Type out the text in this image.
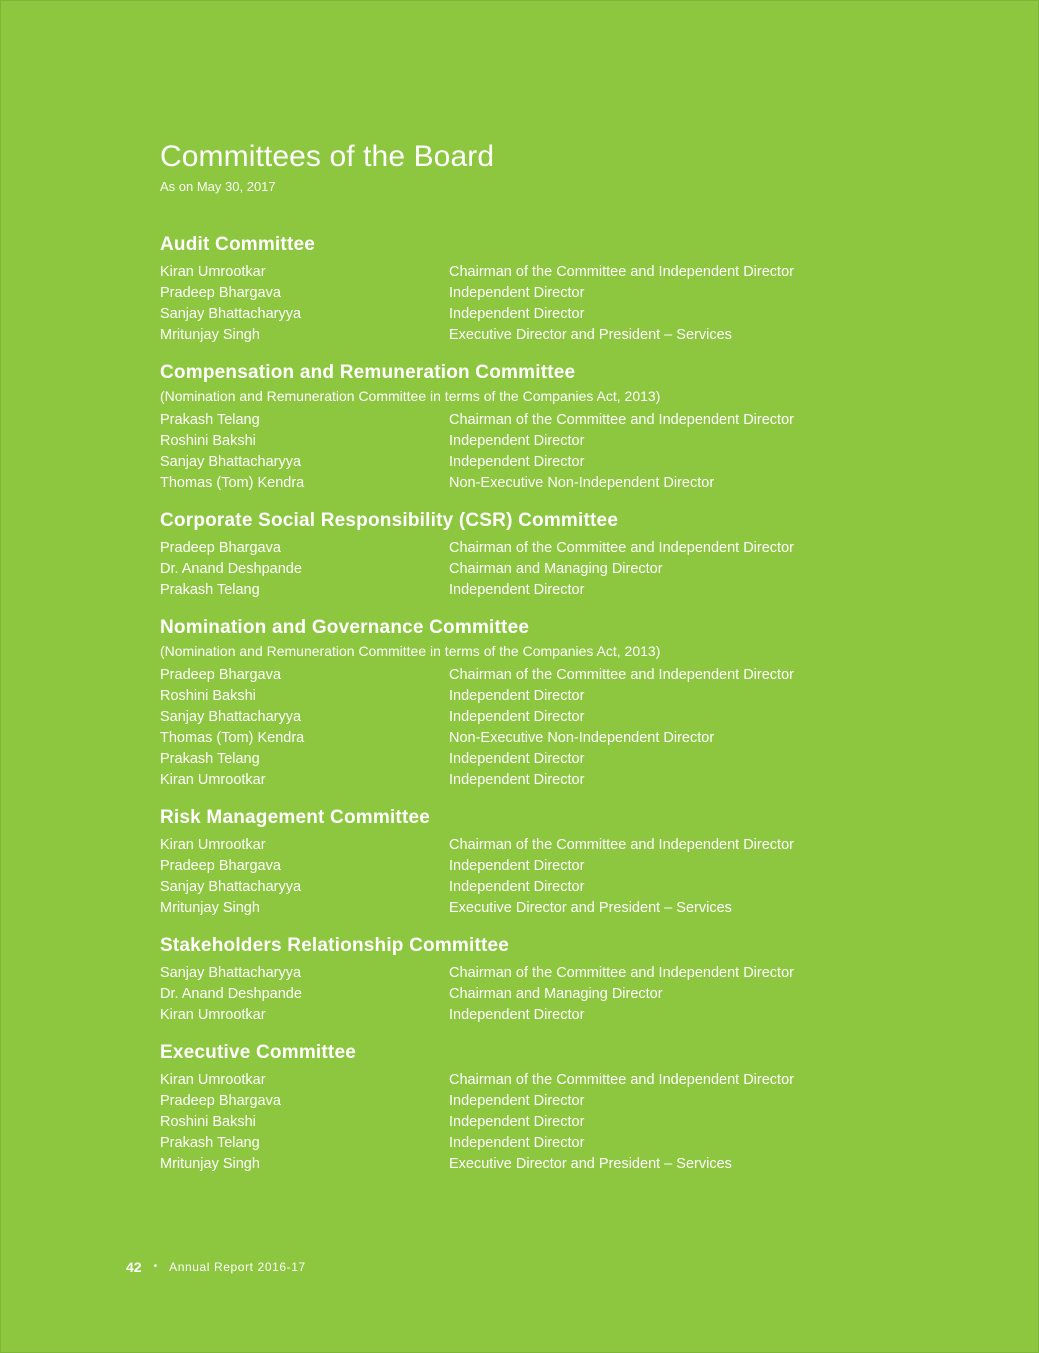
Committees of the Board
As on May 30, 2017
Audit Committee
Kiran Umrootkar	Chairman of the Committee and Independent Director
Pradeep Bhargava	Independent Director
Sanjay Bhattacharyya	Independent Director
Mritunjay Singh	Executive Director and President – Services
Compensation and Remuneration Committee
(Nomination and Remuneration Committee in terms of the Companies Act, 2013)
Prakash Telang	Chairman of the Committee and Independent Director
Roshini Bakshi	Independent Director
Sanjay Bhattacharyya	Independent Director
Thomas (Tom) Kendra	Non-Executive Non-Independent Director
Corporate Social Responsibility (CSR) Committee
Pradeep Bhargava	Chairman of the Committee and Independent Director
Dr. Anand Deshpande	Chairman and Managing Director
Prakash Telang	Independent Director
Nomination and Governance Committee
(Nomination and Remuneration Committee in terms of the Companies Act, 2013)
Pradeep Bhargava	Chairman of the Committee and Independent Director
Roshini Bakshi	Independent Director
Sanjay Bhattacharyya	Independent Director
Thomas (Tom) Kendra	Non-Executive Non-Independent Director
Prakash Telang	Independent Director
Kiran Umrootkar	Independent Director
Risk Management Committee
Kiran Umrootkar	Chairman of the Committee and Independent Director
Pradeep Bhargava	Independent Director
Sanjay Bhattacharyya	Independent Director
Mritunjay Singh	Executive Director and President – Services
Stakeholders Relationship Committee
Sanjay Bhattacharyya	Chairman of the Committee and Independent Director
Dr. Anand Deshpande	Chairman and Managing Director
Kiran Umrootkar	Independent Director
Executive Committee
Kiran Umrootkar	Chairman of the Committee and Independent Director
Pradeep Bhargava	Independent Director
Roshini Bakshi	Independent Director
Prakash Telang	Independent Director
Mritunjay Singh	Executive Director and President – Services
42 • Annual Report 2016-17
